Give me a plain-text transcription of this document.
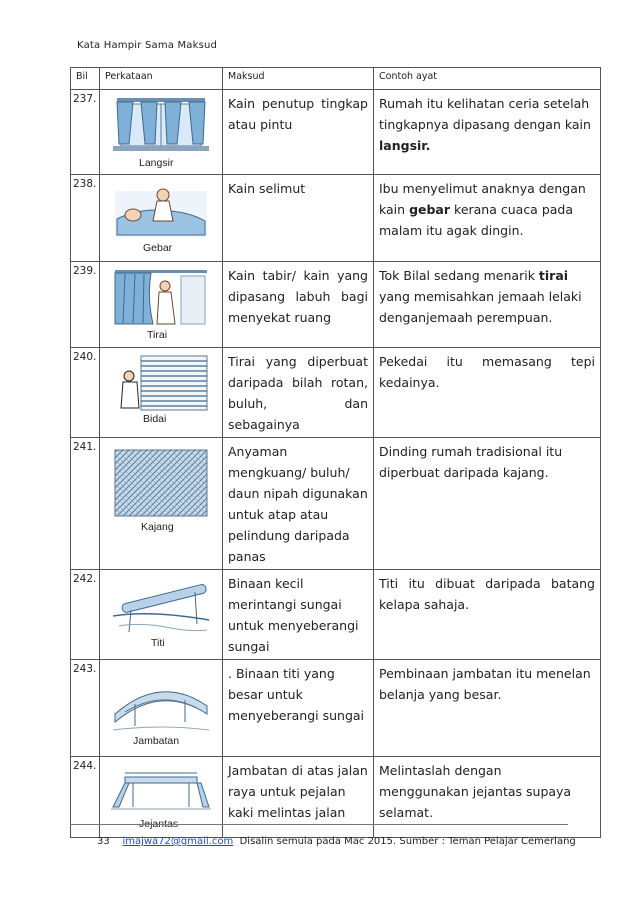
Kata Hampir Sama Maksud
Bil	Perkataan	Maksud	Contoh ayat
237.	Langsir	Kain penutup tingkap atau pintu	Rumah itu kelihatan ceria setelah tingkapnya dipasang dengan kain langsir.
238.	Gebar	Kain selimut	Ibu menyelimut anaknya dengan kain gebar kerana cuaca pada malam itu agak dingin.
239.	Tirai	Kain tabir/ kain yang dipasang labuh bagi menyekat ruang	Tok Bilal sedang menarik tirai yang memisahkan jemaah lelaki denganjemaah perempuan.
240.	Bidai	Tirai yang diperbuat daripada bilah rotan, buluh, dan sebagainya	Pekedai itu memasang tepi kedainya.
241.	Kajang	Anyaman mengkuang/ buluh/ daun nipah digunakan untuk atap atau pelindung daripada panas	Dinding rumah tradisional itu diperbuat daripada kajang.
242.	Titi	Binaan kecil merintangi sungai untuk menyeberangi sungai	Titi itu dibuat daripada batang kelapa sahaja.
243.	Jambatan	. Binaan titi yang besar untuk menyeberangi sungai	Pembinaan jambatan itu menelan belanja yang besar.
244.	Jejantas	Jambatan di atas jalan raya untuk pejalan kaki melintas jalan	Melintaslah dengan menggunakan jejantas supaya selamat.
33 imajwa72@gmail.com Disalin semula pada Mac 2015. Sumber : Teman Pelajar Cemerlang
